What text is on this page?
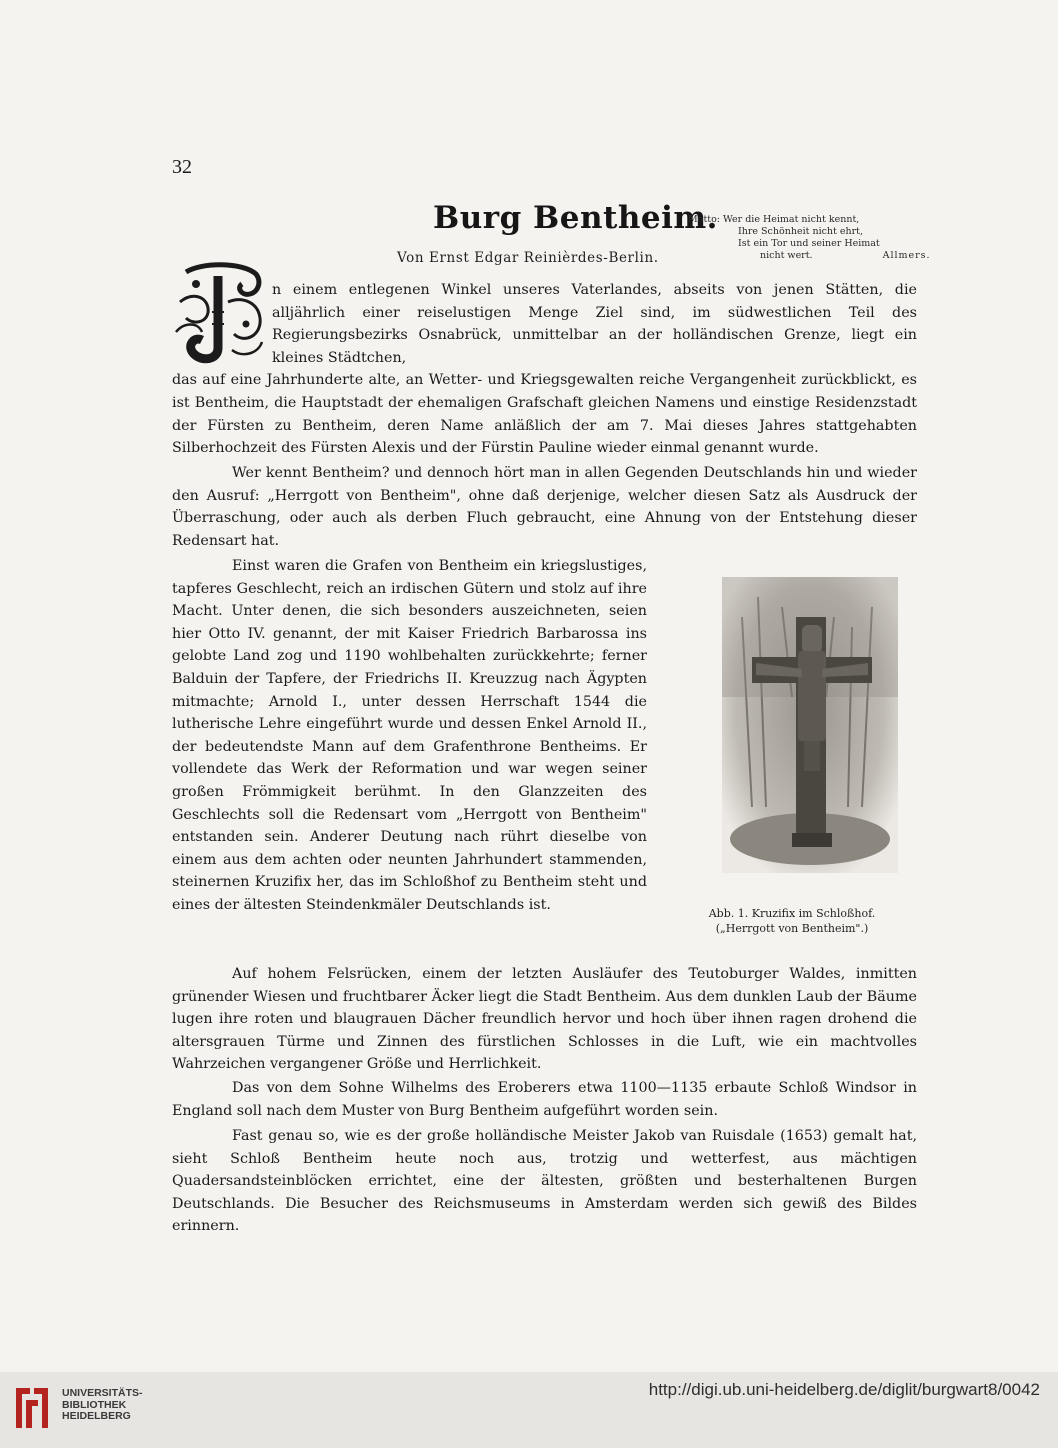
32
Burg Bentheim.
Von Ernst Edgar Reinièrdes-Berlin.
Motto: Wer die Heimat nicht kennt,
Ihre Schönheit nicht ehrt,
Ist ein Tor und seiner Heimat
nicht wert.	Allmers.
n einem entlegenen Winkel unseres Vaterlandes, abseits von jenen Stätten, die alljährlich einer reiselustigen Menge Ziel sind, im südwestlichen Teil des Regierungsbezirks Osnabrück, unmittelbar an der holländischen Grenze, liegt ein kleines Städtchen,
das auf eine Jahrhunderte alte, an Wetter- und Kriegsgewalten reiche Vergangenheit zurückblickt, es ist Bentheim, die Hauptstadt der ehemaligen Grafschaft gleichen Namens und einstige Residenzstadt der Fürsten zu Bentheim, deren Name anläßlich der am 7. Mai dieses Jahres stattgehabten Silberhochzeit des Fürsten Alexis und der Fürstin Pauline wieder einmal genannt wurde.

Wer kennt Bentheim? und dennoch hört man in allen Gegenden Deutschlands hin und wieder den Ausruf: „Herrgott von Bentheim", ohne daß derjenige, welcher diesen Satz als Ausdruck der Überraschung, oder auch als derben Fluch gebraucht, eine Ahnung von der Entstehung dieser Redensart hat.

Einst waren die Grafen von Bentheim ein kriegslustiges, tapferes Geschlecht, reich an irdischen Gütern und stolz auf ihre Macht. Unter denen, die sich besonders auszeichneten, seien hier Otto IV. genannt, der mit Kaiser Friedrich Barbarossa ins gelobte Land zog und 1190 wohlbehalten zurückkehrte; ferner Balduin der Tapfere, der Friedrichs II. Kreuzzug nach Ägypten mitmachte; Arnold I., unter dessen Herrschaft 1544 die lutherische Lehre eingeführt wurde und dessen Enkel Arnold II., der bedeutendste Mann auf dem Grafenthrone Bentheims. Er vollendete das Werk der Reformation und war wegen seiner großen Frömmigkeit berühmt. In den Glanzzeiten des Geschlechts soll die Redensart vom „Herrgott von Bentheim" entstanden sein. Anderer Deutung nach rührt dieselbe von einem aus dem achten oder neunten Jahrhundert stammenden, steinernen Kruzifix her, das im Schloßhof zu Bentheim steht und eines der ältesten Steindenkmäler Deutschlands ist.

Abb. 1. Kruzifix im Schloßhof.
(„Herrgott von Bentheim".)

Auf hohem Felsrücken, einem der letzten Ausläufer des Teutoburger Waldes, inmitten grünender Wiesen und fruchtbarer Äcker liegt die Stadt Bentheim. Aus dem dunklen Laub der Bäume lugen ihre roten und blaugrauen Dächer freundlich hervor und hoch über ihnen ragen drohend die altersgrauen Türme und Zinnen des fürstlichen Schlosses in die Luft, wie ein machtvolles Wahrzeichen vergangener Größe und Herrlichkeit.

Das von dem Sohne Wilhelms des Eroberers etwa 1100—1135 erbaute Schloß Windsor in England soll nach dem Muster von Burg Bentheim aufgeführt worden sein.

Fast genau so, wie es der große holländische Meister Jakob van Ruisdale (1653) gemalt hat, sieht Schloß Bentheim heute noch aus, trotzig und wetterfest, aus mächtigen Quadersandsteinblöcken errichtet, eine der ältesten, größten und besterhaltenen Burgen Deutschlands. Die Besucher des Reichsmuseums in Amsterdam werden sich gewiß des Bildes erinnern.

UNIVERSITÄTS-
BIBLIOTHEK
HEIDELBERG
http://digi.ub.uni-heidelberg.de/diglit/burgwart8/0042
